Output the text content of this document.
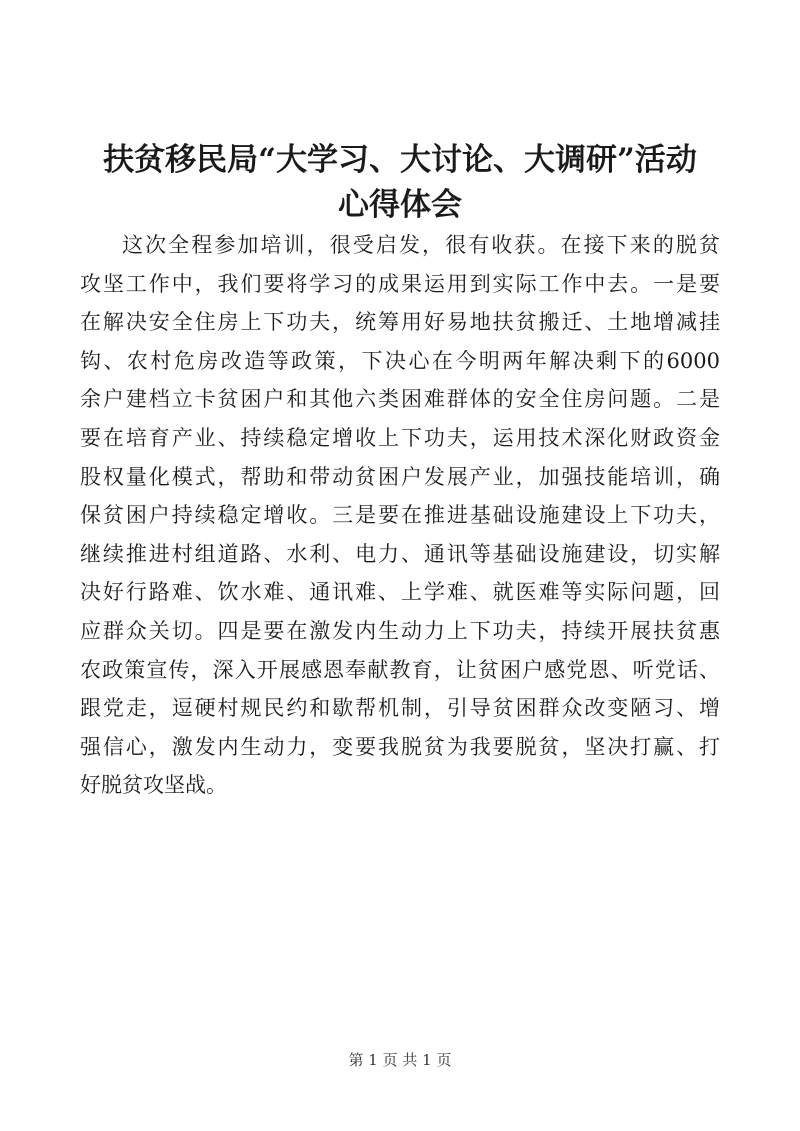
扶贫移民局“大学习、大讨论、大调研”活动
心得体会
这次全程参加培训，很受启发，很有收获。在接下来的脱贫
攻坚工作中，我们要将学习的成果运用到实际工作中去。一是要
在解决安全住房上下功夫，统筹用好易地扶贫搬迁、土地增减挂
钩、农村危房改造等政策，下决心在今明两年解决剩下的6000
余户建档立卡贫困户和其他六类困难群体的安全住房问题。二是
要在培育产业、持续稳定增收上下功夫，运用技术深化财政资金
股权量化模式，帮助和带动贫困户发展产业，加强技能培训，确
保贫困户持续稳定增收。三是要在推进基础设施建设上下功夫，
继续推进村组道路、水利、电力、通讯等基础设施建设，切实解
决好行路难、饮水难、通讯难、上学难、就医难等实际问题，回
应群众关切。四是要在激发内生动力上下功夫，持续开展扶贫惠
农政策宣传，深入开展感恩奉献教育，让贫困户感党恩、听党话、
跟党走，逗硬村规民约和歇帮机制，引导贫困群众改变陋习、增
强信心，激发内生动力，变要我脱贫为我要脱贫，坚决打赢、打
好脱贫攻坚战。
第 1 页 共 1 页
